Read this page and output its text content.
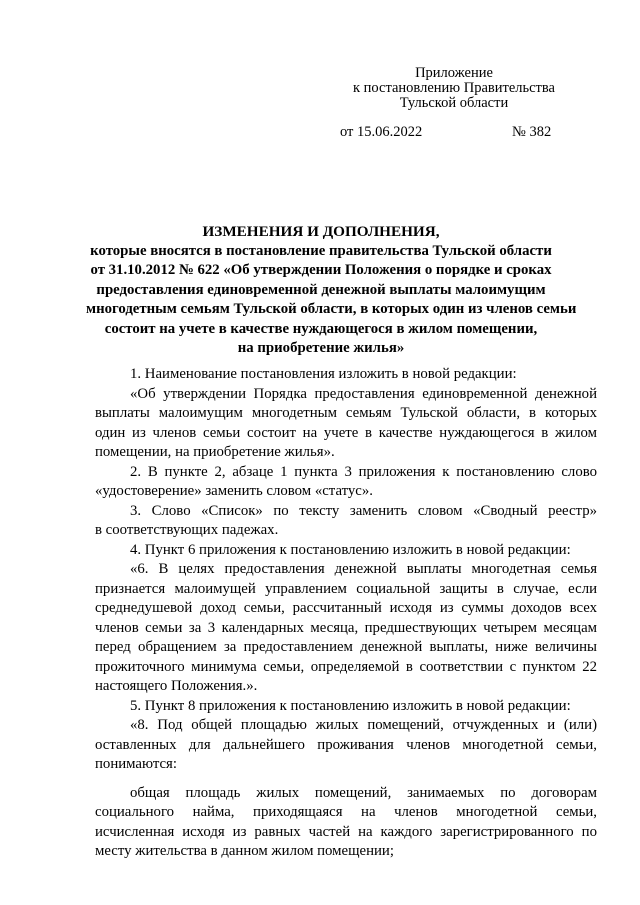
Приложение
к постановлению Правительства
Тульской области
от 15.06.2022	№ 382
ИЗМЕНЕНИЯ И ДОПОЛНЕНИЯ,
которые вносятся в постановление правительства Тульской области
от 31.10.2012 № 622 «Об утверждении Положения о порядке и сроках
предоставления единовременной денежной выплаты малоимущим
многодетным семьям Тульской области, в которых один из членов семьи
состоит на учете в качестве нуждающегося в жилом помещении,
на приобретение жилья»
1. Наименование постановления изложить в новой редакции:
«Об утверждении Порядка предоставления единовременной денежной
выплаты малоимущим многодетным семьям Тульской области, в которых
один из членов семьи состоит на учете в качестве нуждающегося в жилом
помещении, на приобретение жилья».
2. В пункте 2, абзаце 1 пункта 3 приложения к постановлению слово
«удостоверение» заменить словом «статус».
3. Слово «Список» по тексту заменить словом «Сводный реестр»
в соответствующих падежах.
4. Пункт 6 приложения к постановлению изложить в новой редакции:
«6. В целях предоставления денежной выплаты многодетная семья
признается малоимущей управлением социальной защиты в случае, если
среднедушевой доход семьи, рассчитанный исходя из суммы доходов всех
членов семьи за 3 календарных месяца, предшествующих четырем месяцам
перед обращением за предоставлением денежной выплаты, ниже величины
прожиточного минимума семьи, определяемой в соответствии с пунктом 22
настоящего Положения.».
5. Пункт 8 приложения к постановлению изложить в новой редакции:
«8. Под общей площадью жилых помещений, отчужденных и (или)
оставленных для дальнейшего проживания членов многодетной семьи,
понимаются:
общая площадь жилых помещений, занимаемых по договорам
социального найма, приходящаяся на членов многодетной семьи,
исчисленная исходя из равных частей на каждого зарегистрированного по
месту жительства в данном жилом помещении;
